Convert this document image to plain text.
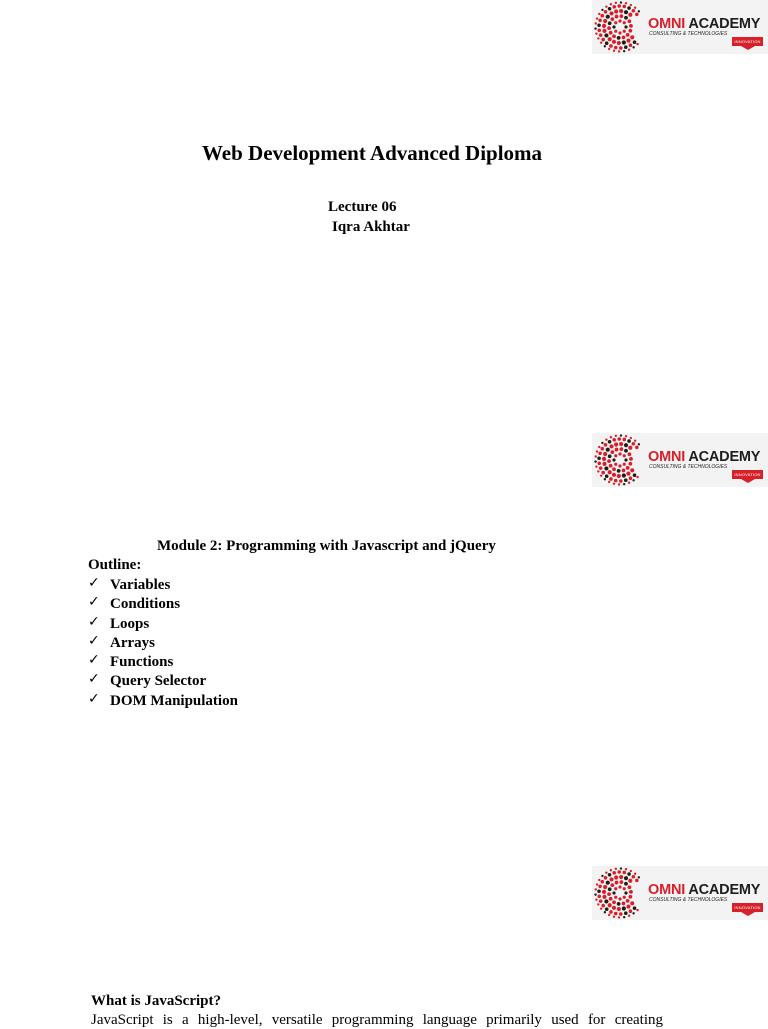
OMNI ACADEMY
CONSULTING & TECHNOLOGIES
INNOVATION
Web Development Advanced Diploma
Lecture 06
Iqra Akhtar
OMNI ACADEMY
CONSULTING & TECHNOLOGIES
INNOVATION
Module 2: Programming with Javascript and jQuery
Outline:
✓ Variables
✓ Conditions
✓ Loops
✓ Arrays
✓ Functions
✓ Query Selector
✓ DOM Manipulation
OMNI ACADEMY
CONSULTING & TECHNOLOGIES
INNOVATION
What is JavaScript?
JavaScript is a high-level, versatile programming language primarily used for creating
